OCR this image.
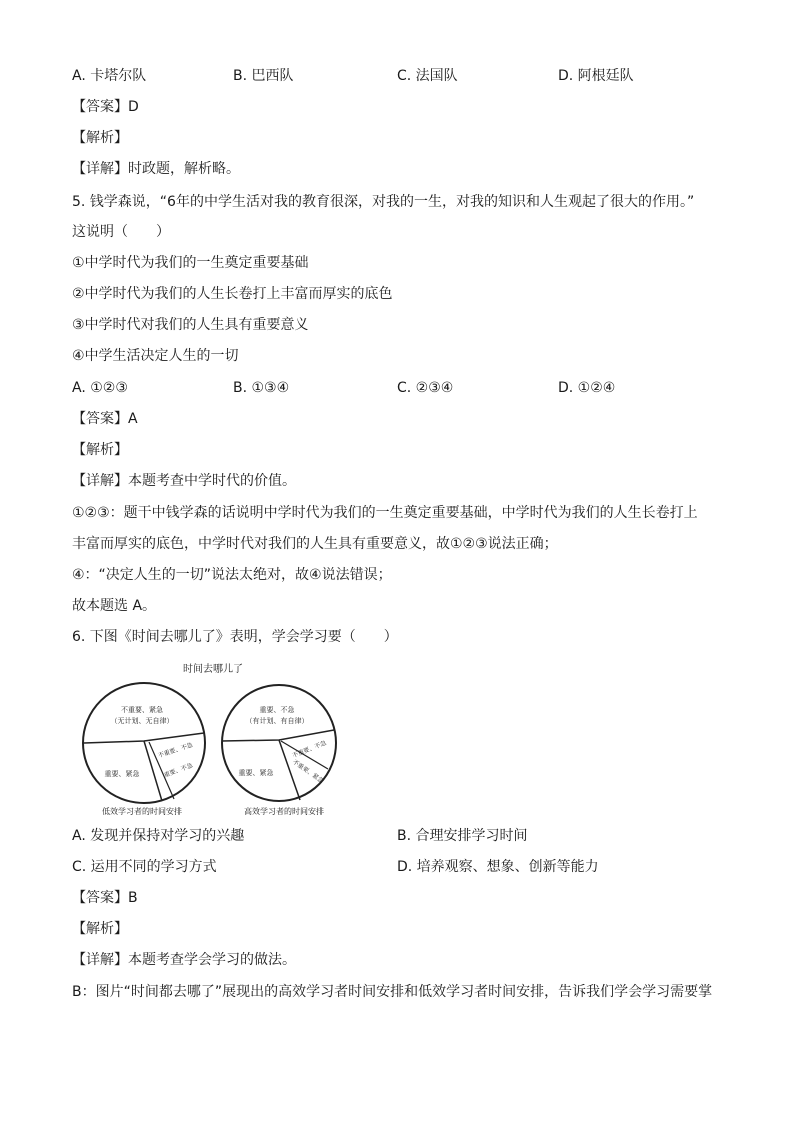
A. 卡塔尔队	B. 巴西队	C. 法国队	D. 阿根廷队
【答案】D
【解析】
【详解】时政题，解析略。
5. 钱学森说，“6年的中学生活对我的教育很深，对我的一生，对我的知识和人生观起了很大的作用。”
这说明（　　）
①中学时代为我们的一生奠定重要基础
②中学时代为我们的人生长卷打上丰富而厚实的底色
③中学时代对我们的人生具有重要意义
④中学生活决定人生的一切
A. ①②③	B. ①③④	C. ②③④	D. ①②④
【答案】A
【解析】
【详解】本题考查中学时代的价值。
①②③：题干中钱学森的话说明中学时代为我们的一生奠定重要基础，中学时代为我们的人生长卷打上
丰富而厚实的底色，中学时代对我们的人生具有重要意义，故①②③说法正确；
④：“决定人生的一切”说法太绝对，故④说法错误；
故本题选 A。
6. 下图《时间去哪儿了》表明，学会学习要（　　）
时间去哪儿了
不重要、紧急
（无计划、无自律）
不重要、不急
重要、不急
重要、紧急
重要、不急
（有计划、有自律）
不重要、不急
不重要、紧急
重要、紧急
低效学习者的时间安排	高效学习者的时间安排
A. 发现并保持对学习的兴趣	B. 合理安排学习时间
C. 运用不同的学习方式	D. 培养观察、想象、创新等能力
【答案】B
【解析】
【详解】本题考查学会学习的做法。
B：图片“时间都去哪了”展现出的高效学习者时间安排和低效学习者时间安排，告诉我们学会学习需要掌
